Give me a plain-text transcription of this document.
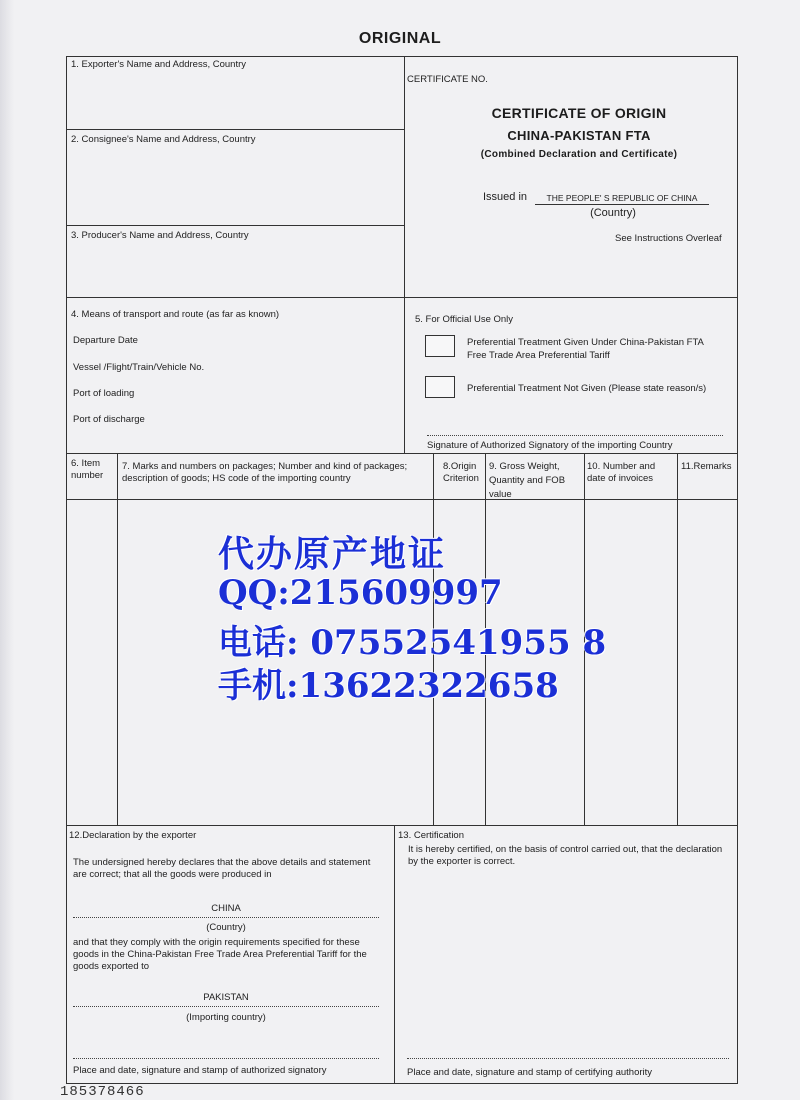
ORIGINAL
1. Exporter's Name and Address, Country
2. Consignee's Name and Address, Country
3. Producer's Name and Address, Country
CERTIFICATE NO.
CERTIFICATE OF ORIGIN
CHINA-PAKISTAN FTA
(Combined Declaration and Certificate)
Issued in	THE PEOPLE' S REPUBLIC OF CHINA
(Country)
See Instructions Overleaf
4. Means of transport and route (as far as known)
Departure Date
Vessel /Flight/Train/Vehicle No.
Port of loading
Port of discharge
5. For Official Use Only
Preferential Treatment Given Under China-Pakistan FTA
Free Trade Area Preferential Tariff
Preferential Treatment Not Given (Please state reason/s)
Signature of Authorized Signatory of the importing Country
6. Item
number
7. Marks and numbers on packages; Number and kind of packages;
description of goods; HS code of the importing country
8.Origin
Criterion
9. Gross Weight,
Quantity and FOB
value
10. Number and
date of invoices
11.Remarks
12.Declaration by the exporter
The undersigned hereby declares that the above details and statement
are correct; that all the goods were produced in
CHINA
(Country)
and that they comply with the origin requirements specified for these
goods in the China-Pakistan Free Trade Area Preferential Tariff for the
goods exported to
PAKISTAN
(Importing country)
Place and date, signature and stamp of authorized signatory
13. Certification
It is hereby certified, on the basis of control carried out, that the declaration
by the exporter is correct.
Place and date, signature and stamp of certifying authority
代办原产地证
QQ:215609997
电话: 07552541955 8
手机:13622322658
185378466
